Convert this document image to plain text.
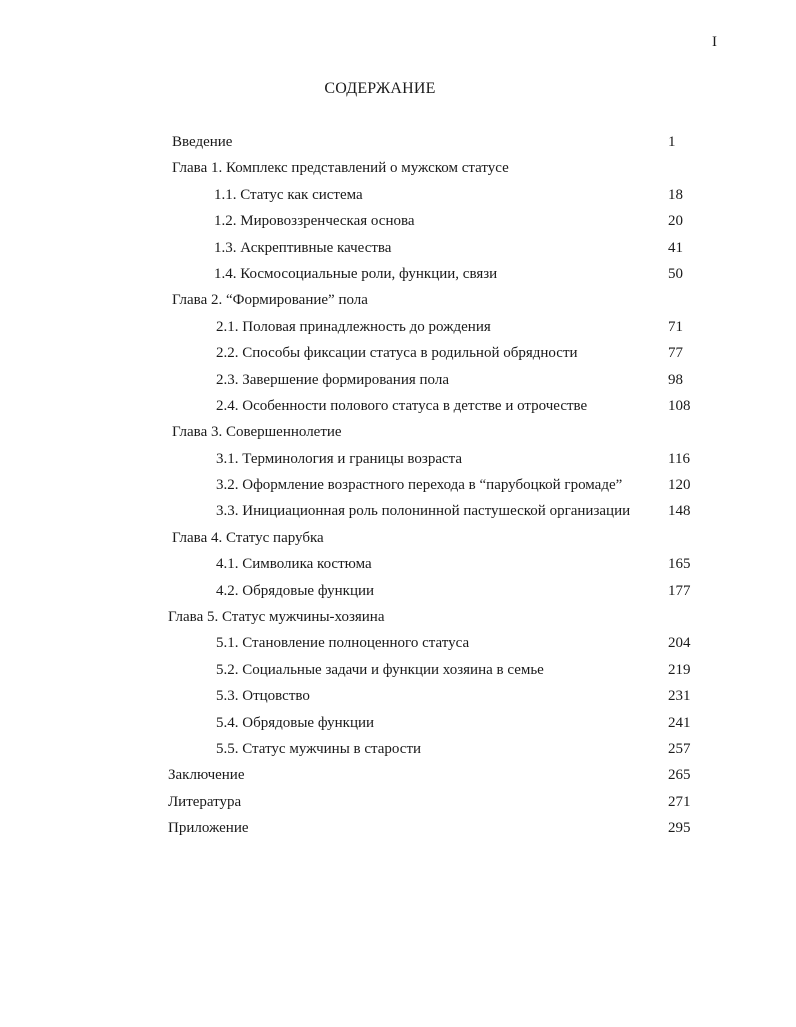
I
СОДЕРЖАНИЕ
Введение	1
Глава 1. Комплекс представлений о мужском статусе
1.1. Статус как система	18
1.2. Мировоззренческая основа	20
1.3. Аскрептивные качества	41
1.4. Космосоциальные роли, функции, связи	50
Глава 2. “Формирование” пола
2.1. Половая принадлежность до рождения	71
2.2. Способы фиксации статуса в родильной обрядности	77
2.3. Завершение формирования пола	98
2.4. Особенности полового статуса в детстве и отрочестве	108
Глава 3. Совершеннолетие
3.1. Терминология и границы возраста	116
3.2. Оформление возрастного перехода в “парубоцкой громаде”	120
3.3. Инициационная роль полонинной пастушеской организации	148
Глава 4. Статус парубка
4.1. Символика костюма	165
4.2. Обрядовые функции	177
Глава 5. Статус мужчины-хозяина
5.1. Становление полноценного статуса	204
5.2. Социальные задачи и функции хозяина в семье	219
5.3. Отцовство	231
5.4. Обрядовые функции	241
5.5. Статус мужчины в старости	257
Заключение	265
Литература	271
Приложение	295
